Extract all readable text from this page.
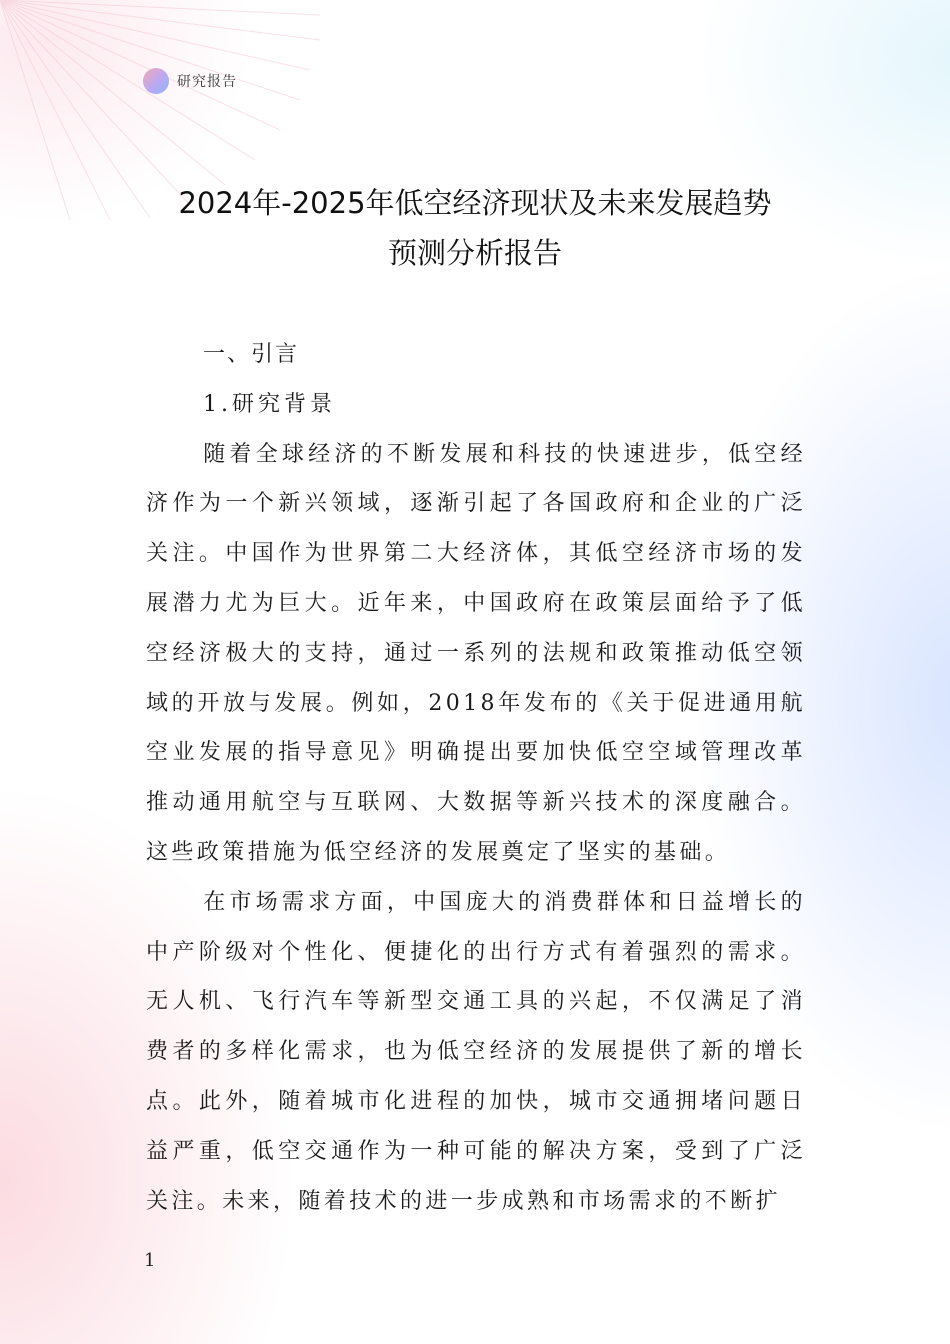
研究报告
2024年-2025年低空经济现状及未来发展趋势
预测分析报告

一、引言

1.研究背景

随着全球经济的不断发展和科技的快速进步，低空经济作为一个新兴领域，逐渐引起了各国政府和企业的广泛关注。中国作为世界第二大经济体，其低空经济市场的发展潜力尤为巨大。近年来，中国政府在政策层面给予了低空经济极大的支持，通过一系列的法规和政策推动低空领域的开放与发展。例如，2018年发布的《关于促进通用航空业发展的指导意见》明确提出要加快低空空域管理改革推动通用航空与互联网、大数据等新兴技术的深度融合。这些政策措施为低空经济的发展奠定了坚实的基础。

在市场需求方面，中国庞大的消费群体和日益增长的中产阶级对个性化、便捷化的出行方式有着强烈的需求。无人机、飞行汽车等新型交通工具的兴起，不仅满足了消费者的多样化需求，也为低空经济的发展提供了新的增长点。此外，随着城市化进程的加快，城市交通拥堵问题日益严重，低空交通作为一种可能的解决方案，受到了广泛关注。未来，随着技术的进一步成熟和市场需求的不断扩

1
